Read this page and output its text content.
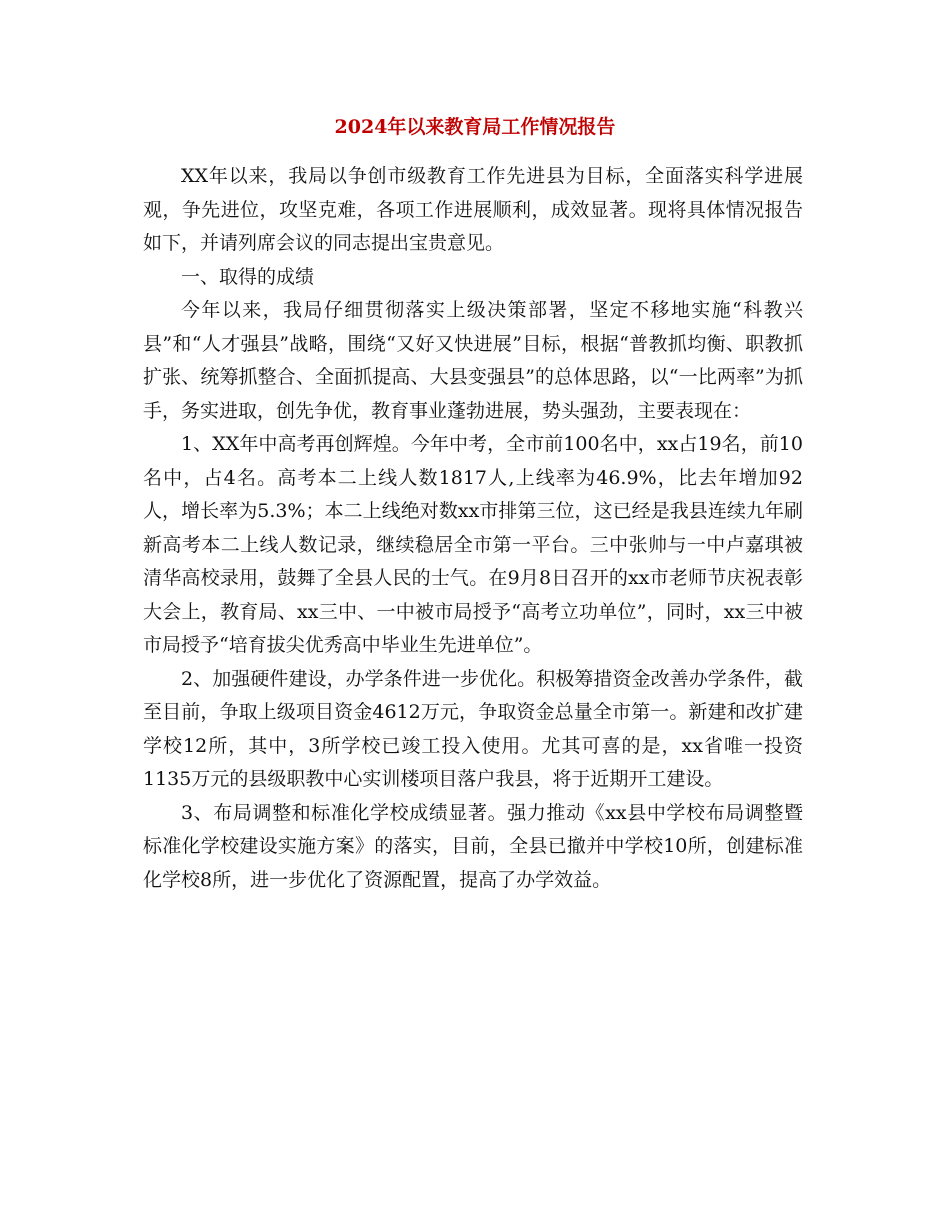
2024年以来教育局工作情况报告

XX年以来，我局以争创市级教育工作先进县为目标，全面落实科学进展观，争先进位，攻坚克难，各项工作进展顺利，成效显著。现将具体情况报告如下，并请列席会议的同志提出宝贵意见。

一、取得的成绩

今年以来，我局仔细贯彻落实上级决策部署，坚定不移地实施“科教兴县”和“人才强县”战略，围绕“又好又快进展”目标，根据“普教抓均衡、职教抓扩张、统筹抓整合、全面抓提高、大县变强县”的总体思路，以“一比两率”为抓手，务实进取，创先争优，教育事业蓬勃进展，势头强劲，主要表现在：

1、XX年中高考再创辉煌。今年中考，全市前100名中，xx占19名，前10名中，占4名。高考本二上线人数1817人,上线率为46.9%，比去年增加92人，增长率为5.3%；本二上线绝对数xx市排第三位，这已经是我县连续九年刷新高考本二上线人数记录，继续稳居全市第一平台。三中张帅与一中卢嘉琪被清华高校录用，鼓舞了全县人民的士气。在9月8日召开的xx市老师节庆祝表彰大会上，教育局、xx三中、一中被市局授予“高考立功单位”，同时，xx三中被市局授予“培育拔尖优秀高中毕业生先进单位”。

2、加强硬件建设，办学条件进一步优化。积极筹措资金改善办学条件，截至目前，争取上级项目资金4612万元，争取资金总量全市第一。新建和改扩建学校12所，其中，3所学校已竣工投入使用。尤其可喜的是，xx省唯一投资1135万元的县级职教中心实训楼项目落户我县，将于近期开工建设。

3、布局调整和标准化学校成绩显著。强力推动《xx县中学校布局调整暨标准化学校建设实施方案》的落实，目前，全县已撤并中学校10所，创建标准化学校8所，进一步优化了资源配置，提高了办学效益。
